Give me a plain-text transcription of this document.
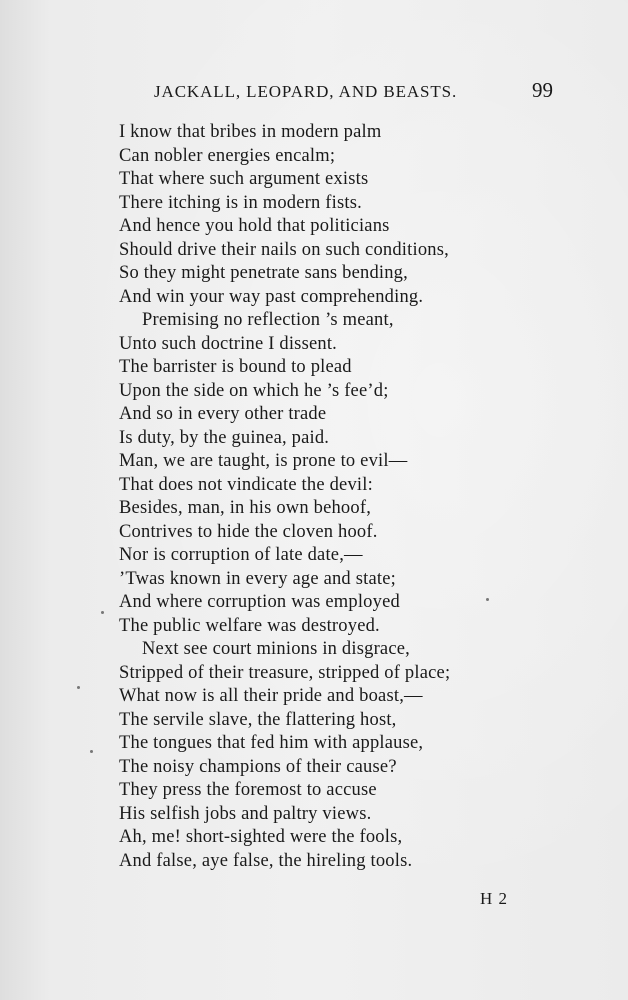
JACKALL, LEOPARD, AND BEASTS.	99
I know that bribes in modern palm
Can nobler energies encalm;
That where such argument exists
There itching is in modern fists.
And hence you hold that politicians
Should drive their nails on such conditions,
So they might penetrate sans bending,
And win your way past comprehending.
Premising no reflection ’s meant,
Unto such doctrine I dissent.
The barrister is bound to plead
Upon the side on which he ’s fee’d;
And so in every other trade
Is duty, by the guinea, paid.
Man, we are taught, is prone to evil—
That does not vindicate the devil:
Besides, man, in his own behoof,
Contrives to hide the cloven hoof.
Nor is corruption of late date,—
’Twas known in every age and state;
And where corruption was employed
The public welfare was destroyed.
Next see court minions in disgrace,
Stripped of their treasure, stripped of place;
What now is all their pride and boast,—
The servile slave, the flattering host,
The tongues that fed him with applause,
The noisy champions of their cause?
They press the foremost to accuse
His selfish jobs and paltry views.
Ah, me! short-sighted were the fools,
And false, aye false, the hireling tools.
H 2
